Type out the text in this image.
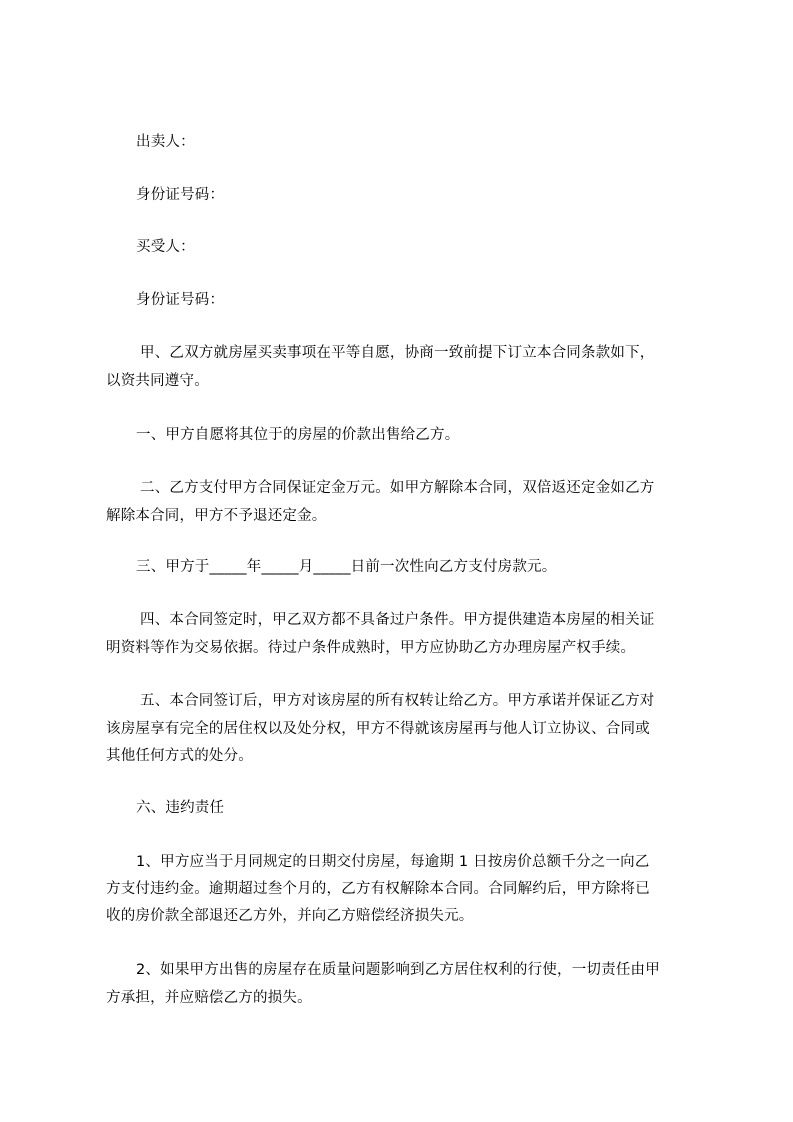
出卖人：
身份证号码：
买受人：
身份证号码：
甲、乙双方就房屋买卖事项在平等自愿，协商一致前提下订立本合同条款如下，
以资共同遵守。
一、甲方自愿将其位于的房屋的价款出售给乙方。
二、乙方支付甲方合同保证定金万元。如甲方解除本合同，双倍返还定金如乙方
解除本合同，甲方不予退还定金。
三、甲方于_____年_____月_____日前一次性向乙方支付房款元。
四、本合同签定时，甲乙双方都不具备过户条件。甲方提供建造本房屋的相关证
明资料等作为交易依据。待过户条件成熟时，甲方应协助乙方办理房屋产权手续。
五、本合同签订后，甲方对该房屋的所有权转让给乙方。甲方承诺并保证乙方对
该房屋享有完全的居住权以及处分权，甲方不得就该房屋再与他人订立协议、合同或
其他任何方式的处分。
六、违约责任
1、甲方应当于月同规定的日期交付房屋，每逾期 1 日按房价总额千分之一向乙
方支付违约金。逾期超过叁个月的，乙方有权解除本合同。合同解约后，甲方除将已
收的房价款全部退还乙方外，并向乙方赔偿经济损失元。
2、如果甲方出售的房屋存在质量问题影响到乙方居住权利的行使，一切责任由甲
方承担，并应赔偿乙方的损失。
